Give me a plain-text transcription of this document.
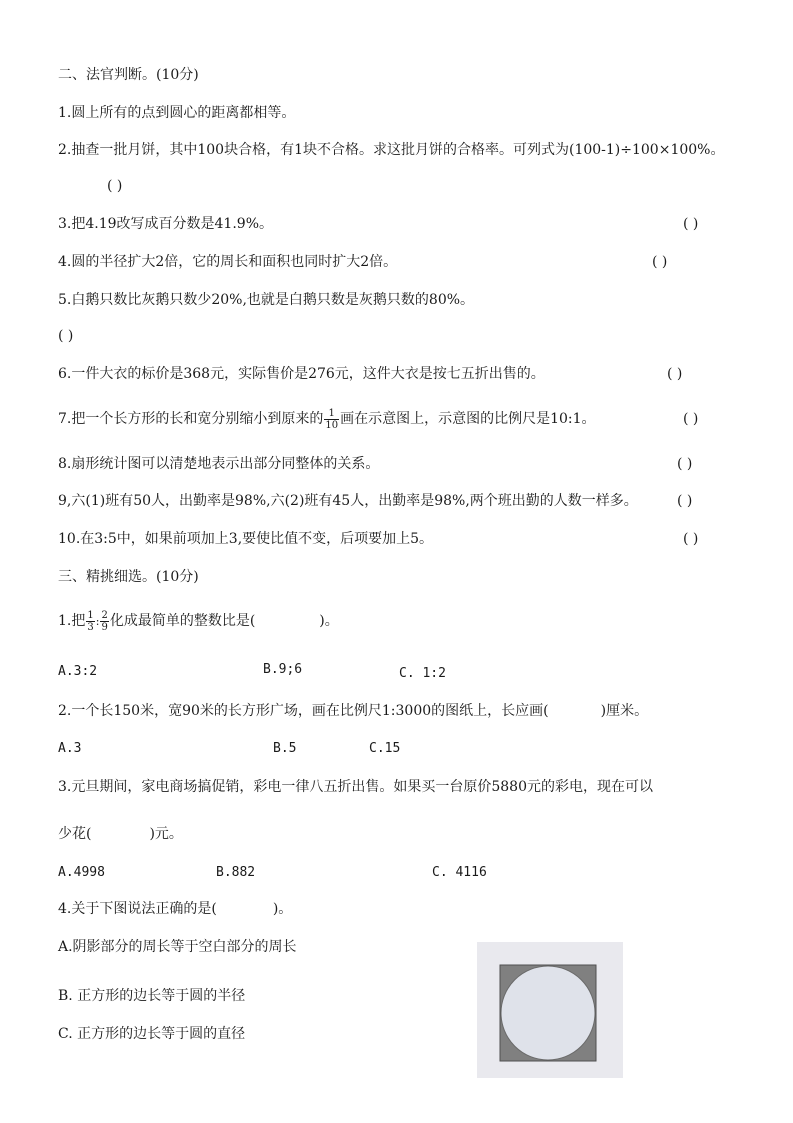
二、法官判断。(10分)
1.圆上所有的点到圆心的距离都相等。
2.抽查一批月饼，其中100块合格，有1块不合格。求这批月饼的合格率。可列式为(100-1)÷100×100%。
( )
3.把4.19改写成百分数是41.9%。	( )
4.圆的半径扩大2倍，它的周长和面积也同时扩大2倍。	( )
5.白鹅只数比灰鹅只数少20%,也就是白鹅只数是灰鹅只数的80%。
( )
6.一件大衣的标价是368元，实际售价是276元，这件大衣是按七五折出售的。	( )
7.把一个长方形的长和宽分别缩小到原来的 $\frac{1}{10}$ 画在示意图上，示意图的比例尺是10:1。	( )
8.扇形统计图可以清楚地表示出部分同整体的关系。	( )
9,六(1)班有50人，出勤率是98%,六(2)班有45人，出勤率是98%,两个班出勤的人数一样多。	( )
10.在3:5中，如果前项加上3,要使比值不变，后项要加上5。	( )
三、精挑细选。(10分)
1.把 $\frac{1}{3}$ : $\frac{2}{9}$ 化成最简单的整数比是(	)。
A.3:2	B.9;6	C. 1:2
2.一个长150米，宽90米的长方形广场，画在比例尺1:3000的图纸上，长应画(	)厘米。
A.3	B.5	C.15
3.元旦期间，家电商场搞促销，彩电一律八五折出售。如果买一台原价5880元的彩电，现在可以
少花(	)元。
A.4998	B.882	C. 4116
4.关于下图说法正确的是(	)。
A.阴影部分的周长等于空白部分的周长
B. 正方形的边长等于圆的半径
C. 正方形的边长等于圆的直径
